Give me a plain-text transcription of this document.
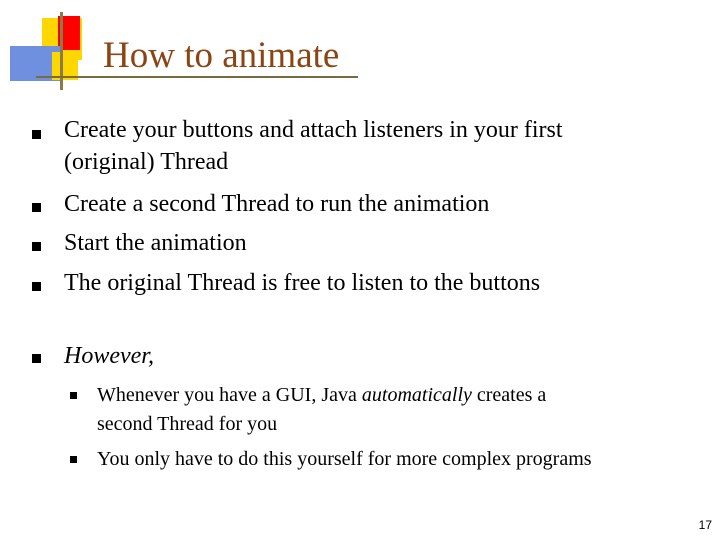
How to animate
Create your buttons and attach listeners in your first
(original) Thread
Create a second Thread to run the animation
Start the animation
The original Thread is free to listen to the buttons
However,
Whenever you have a GUI, Java automatically creates a
second Thread for you
You only have to do this yourself for more complex programs
17
